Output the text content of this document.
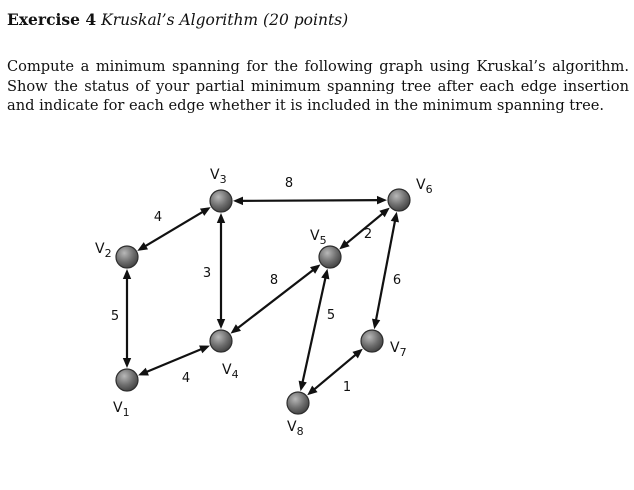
Exercise 4 Kruskal’s Algorithm (20 points)
Compute a minimum spanning for the following graph using Kruskal’s algorithm. Show the status of your partial minimum spanning tree after each edge insertion and indicate for each edge whether it is included in the minimum spanning tree.
4
5
4
3
8
8
2
6
5
1
$V_1$
$V_2$
$V_3$
$V_4$
$V_5$
$V_6$
$V_7$
$V_8$
